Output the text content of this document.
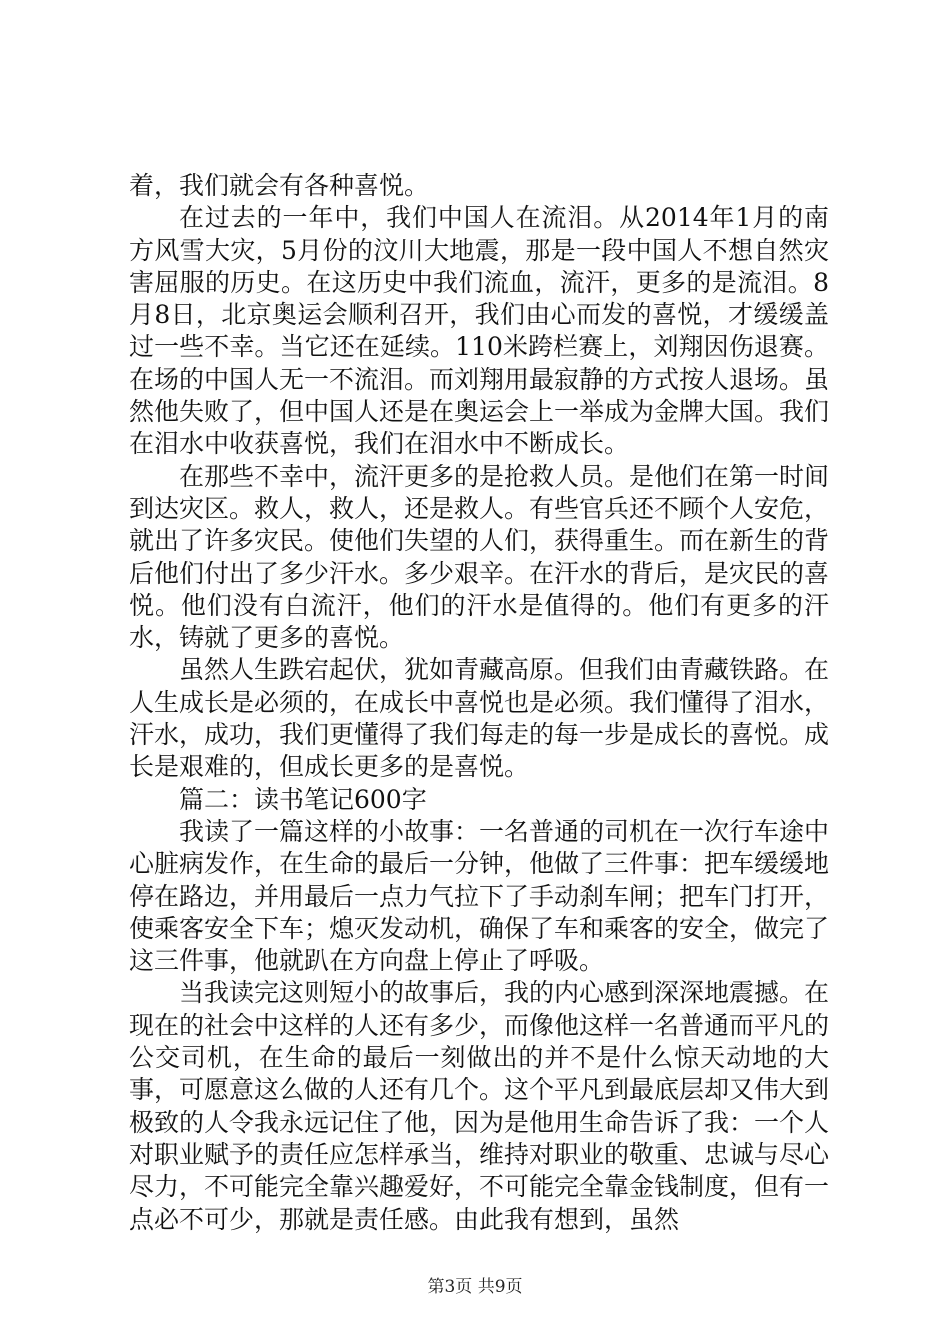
着，我们就会有各种喜悦。

在过去的一年中，我们中国人在流泪。从2014年1月的南方风雪大灾，5月份的汶川大地震，那是一段中国人不想自然灾害屈服的历史。在这历史中我们流血，流汗，更多的是流泪。8月8日，北京奥运会顺利召开，我们由心而发的喜悦，才缓缓盖过一些不幸。当它还在延续。110米跨栏赛上，刘翔因伤退赛。在场的中国人无一不流泪。而刘翔用最寂静的方式按人退场。虽然他失败了，但中国人还是在奥运会上一举成为金牌大国。我们在泪水中收获喜悦，我们在泪水中不断成长。

在那些不幸中，流汗更多的是抢救人员。是他们在第一时间到达灾区。救人，救人，还是救人。有些官兵还不顾个人安危，就出了许多灾民。使他们失望的人们，获得重生。而在新生的背后他们付出了多少汗水。多少艰辛。在汗水的背后，是灾民的喜悦。他们没有白流汗，他们的汗水是值得的。他们有更多的汗水，铸就了更多的喜悦。

虽然人生跌宕起伏，犹如青藏高原。但我们由青藏铁路。在人生成长是必须的，在成长中喜悦也是必须。我们懂得了泪水，汗水，成功，我们更懂得了我们每走的每一步是成长的喜悦。成长是艰难的，但成长更多的是喜悦。

篇二：读书笔记600字

我读了一篇这样的小故事：一名普通的司机在一次行车途中心脏病发作，在生命的最后一分钟，他做了三件事：把车缓缓地停在路边，并用最后一点力气拉下了手动刹车闸；把车门打开，使乘客安全下车；熄灭发动机，确保了车和乘客的安全，做完了这三件事，他就趴在方向盘上停止了呼吸。

当我读完这则短小的故事后，我的内心感到深深地震撼。在现在的社会中这样的人还有多少，而像他这样一名普通而平凡的公交司机，在生命的最后一刻做出的并不是什么惊天动地的大事，可愿意这么做的人还有几个。这个平凡到最底层却又伟大到极致的人令我永远记住了他，因为是他用生命告诉了我：一个人对职业赋予的责任应怎样承当，维持对职业的敬重、忠诚与尽心尽力，不可能完全靠兴趣爱好，不可能完全靠金钱制度，但有一点必不可少，那就是责任感。由此我有想到，虽然

第3页 共9页
